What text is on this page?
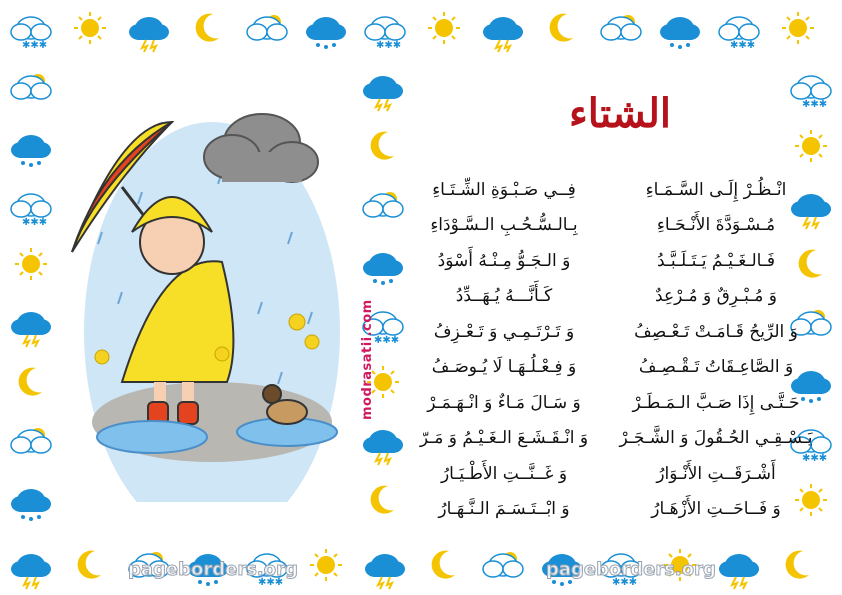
✱✱✱	✱✱✱	✱✱✱
✱✱✱	✱✱✱
✱✱✱
✱✱✱
✱✱✱
✱✱✱
الشتاء
انْـظُـرْ إِلَـى السَّـمَـاءِ
فِــي صَـبْـوَةِ الشِّـتَـاءِ
مُـسْـوَدَّةَ الأَنْـحَـاءِ
بِـالـسُّـحُـبِ الـسَّـوْدَاءِ
فَـالـغَـيْـمُ يَـتَـلَـبَّـدُ
وَ الـجَـوُّ مِـنْـهُ أَسْوَدُ
وَ مُـبْـرِقٌ وَ مُـرْعِدٌ
كَـأَنَّـــهُ يُـهَــدِّدُ
وَ الرِّيحُ قَـامَـتْ تَـعْـصِفُ
وَ تَـرْتَـمِـي وَ تَـعْـزِفُ
وَ الصَّاعِـقَاتُ تَـقْـصِـفُ
وَ فِـعْـلُـهَـا لَا يُـوصَـفُ
حَـتَّـى إِذَا صَـبَّ الـمَـطَـرْ
وَ سَـالَ مَـاءٌ وَ انْـهَـمَـرْ
يَـسْـقِـي الحُـقُولَ وَ الشَّـجَـرْ
وَ انْـقَـشَـعَ الـغَـيْـمُ وَ مَـرّ
أَشْـرَقَــتِ الأَنْـوَارُ
وَ غَــنَّــتِ الأَطْـيَـارُ
وَ فَــاحَــتِ الأَزْهَـارُ
وَ ابْــتَـسَـمَ الـنَّـهَـارُ
modrasatii.com
pageborders.org	pageborders.org
